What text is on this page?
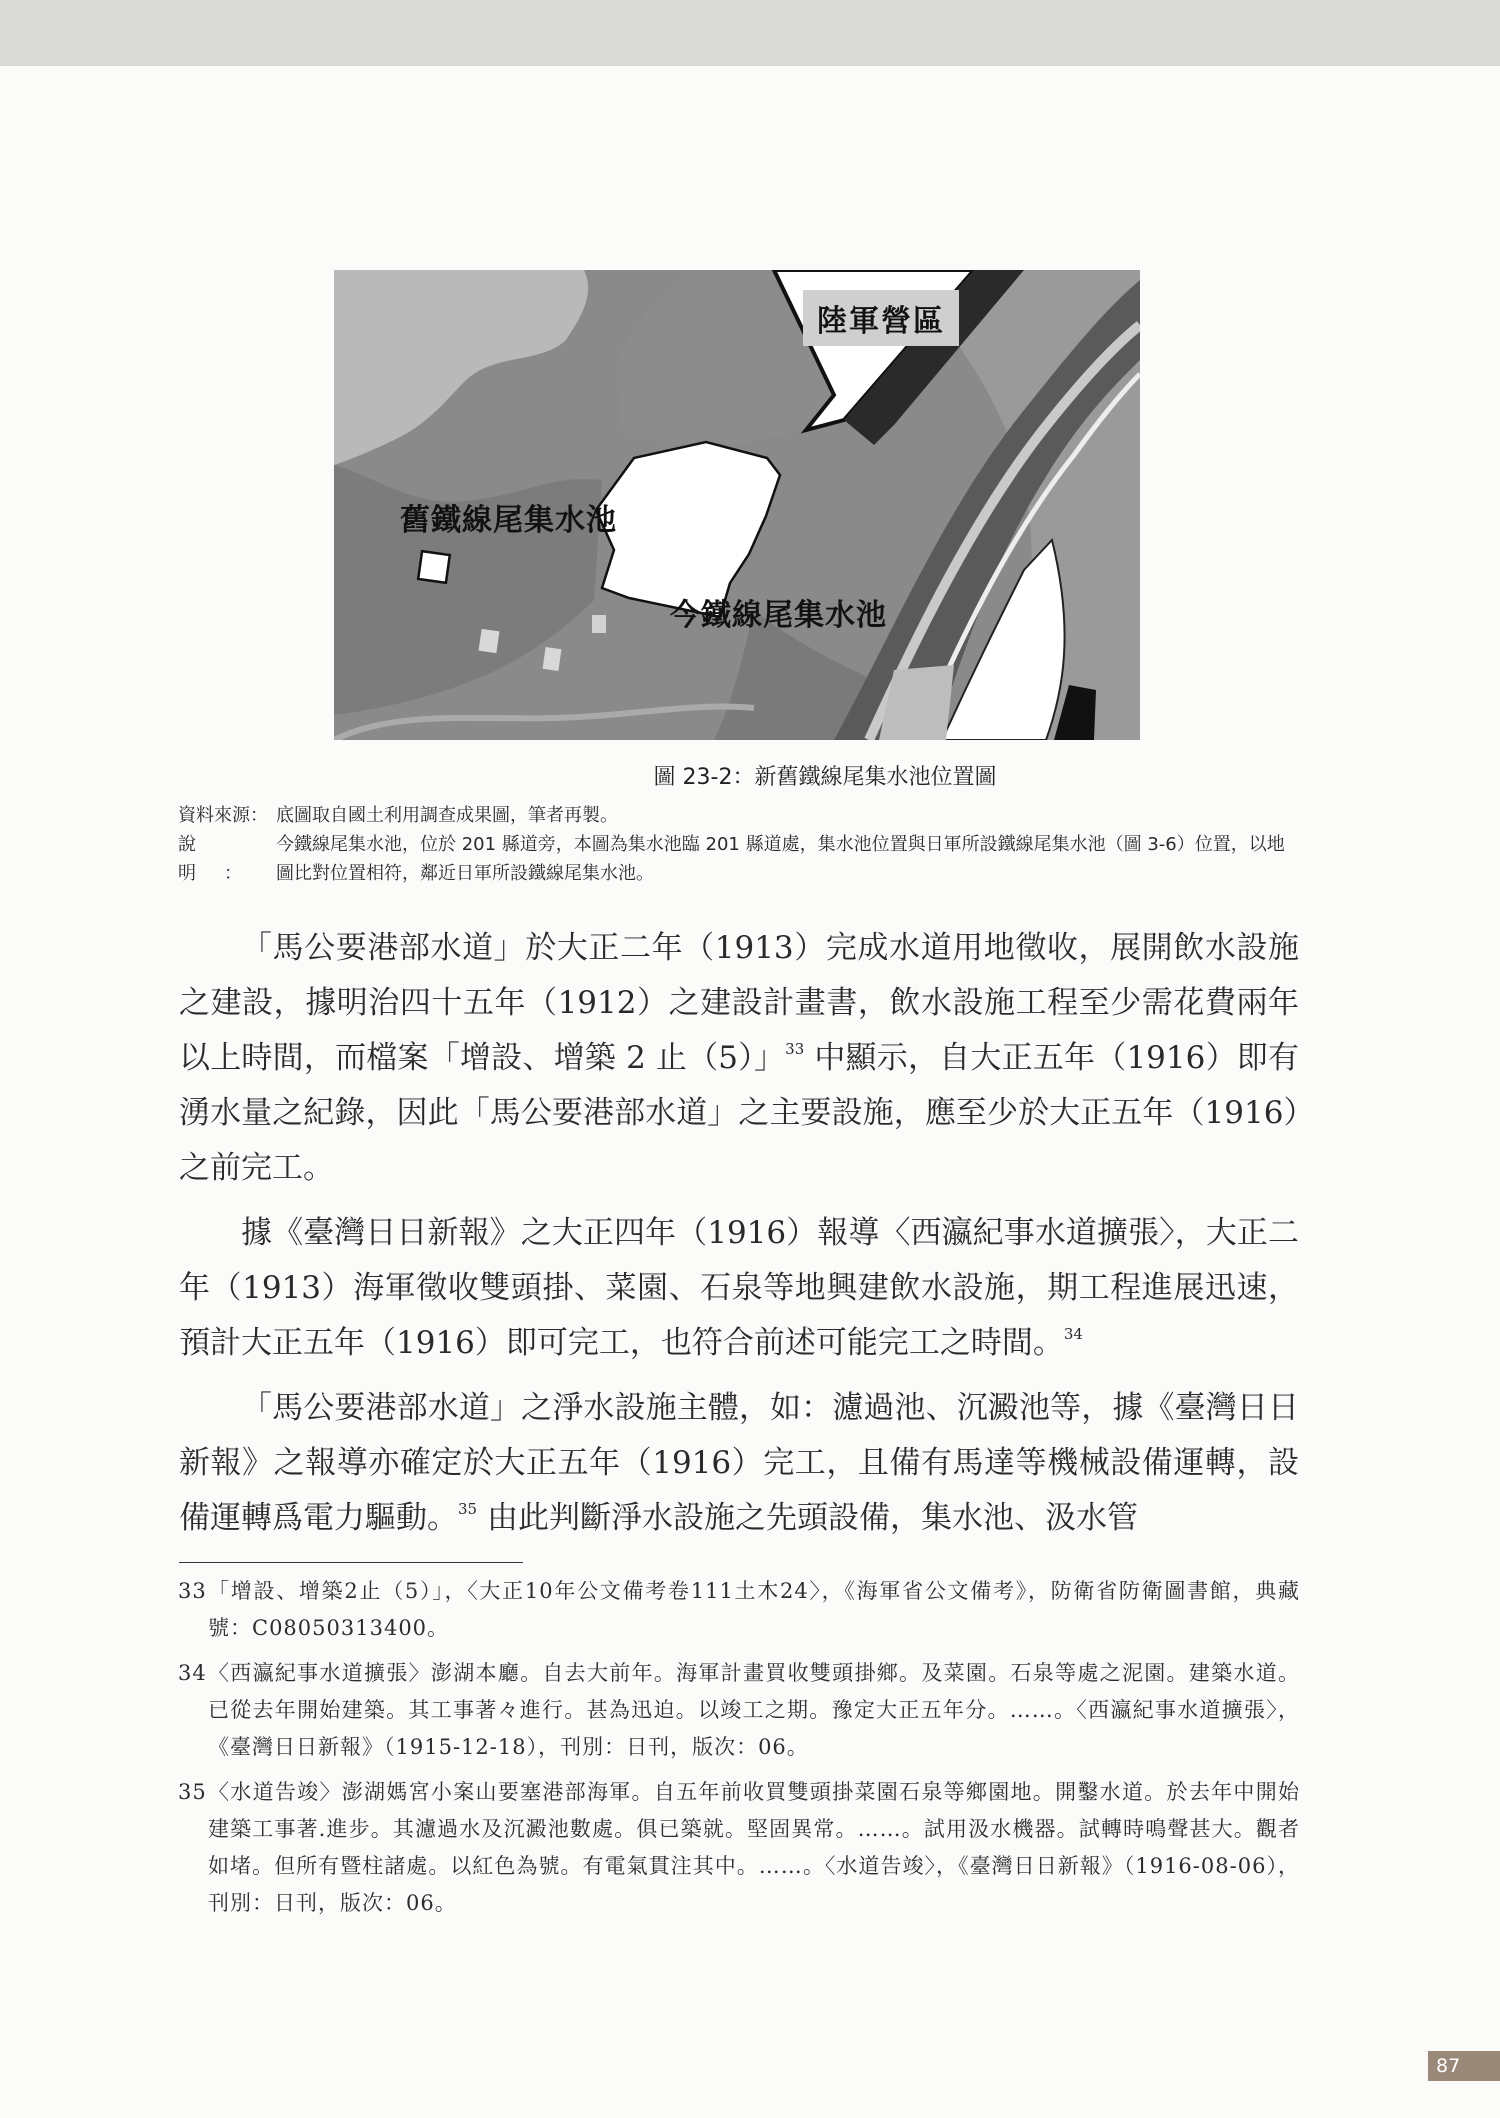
陸軍營區
舊鐵線尾集水池
今鐵線尾集水池
圖 23-2：新舊鐵線尾集水池位置圖
資料來源： 底圖取自國土利用調查成果圖，筆者再製。
說明：
今鐵線尾集水池，位於 201 縣道旁，本圖為集水池臨 201 縣道處，集水池位置與日軍所設鐵線尾集水池（圖 3-6）位置，以地圖比對位置相符，鄰近日軍所設鐵線尾集水池。

「馬公要港部水道」於大正二年（1913）完成水道用地徵收，展開飲水設施之建設，據明治四十五年（1912）之建設計畫書，飲水設施工程至少需花費兩年以上時間，而檔案「增設、增築 2 止（5）」$^{33}$ 中顯示，自大正五年（1916）即有湧水量之紀錄，因此「馬公要港部水道」之主要設施，應至少於大正五年（1916）之前完工。

據《臺灣日日新報》之大正四年（1916）報導〈西瀛紀事水道擴張〉，大正二年（1913）海軍徵收雙頭掛、菜園、石泉等地興建飲水設施，期工程進展迅速，預計大正五年（1916）即可完工，也符合前述可能完工之時間。$^{34}$

「馬公要港部水道」之淨水設施主體，如：濾過池、沉澱池等，據《臺灣日日新報》之報導亦確定於大正五年（1916）完工，且備有馬達等機械設備運轉，設備運轉爲電力驅動。$^{35}$ 由此判斷淨水設施之先頭設備，集水池、汲水管

33 「增設、增築2止（5）」，〈大正10年公文備考卷111土木24〉，《海軍省公文備考》，防衛省防衛圖書館，典藏號：C08050313400。
34 〈西瀛紀事水道擴張〉澎湖本廳。自去大前年。海軍計畫買收雙頭掛鄉。及菜園。石泉等處之泥園。建築水道。已從去年開始建築。其工事著々進行。甚為迅迫。以竣工之期。豫定大正五年分。……。〈西瀛紀事水道擴張〉，《臺灣日日新報》（1915-12-18），刊別：日刊，版次：06。
35 〈水道告竣〉澎湖媽宮小案山要塞港部海軍。自五年前收買雙頭掛菜園石泉等鄉園地。開鑿水道。於去年中開始建築工事著.進步。其濾過水及沉澱池數處。俱已築就。堅固異常。……。試用汲水機器。試轉時鳴聲甚大。觀者如堵。但所有暨柱諸處。以紅色為號。有電氣貫注其中。……。〈水道告竣〉，《臺灣日日新報》（1916-08-06），刊別：日刊，版次：06。
87
